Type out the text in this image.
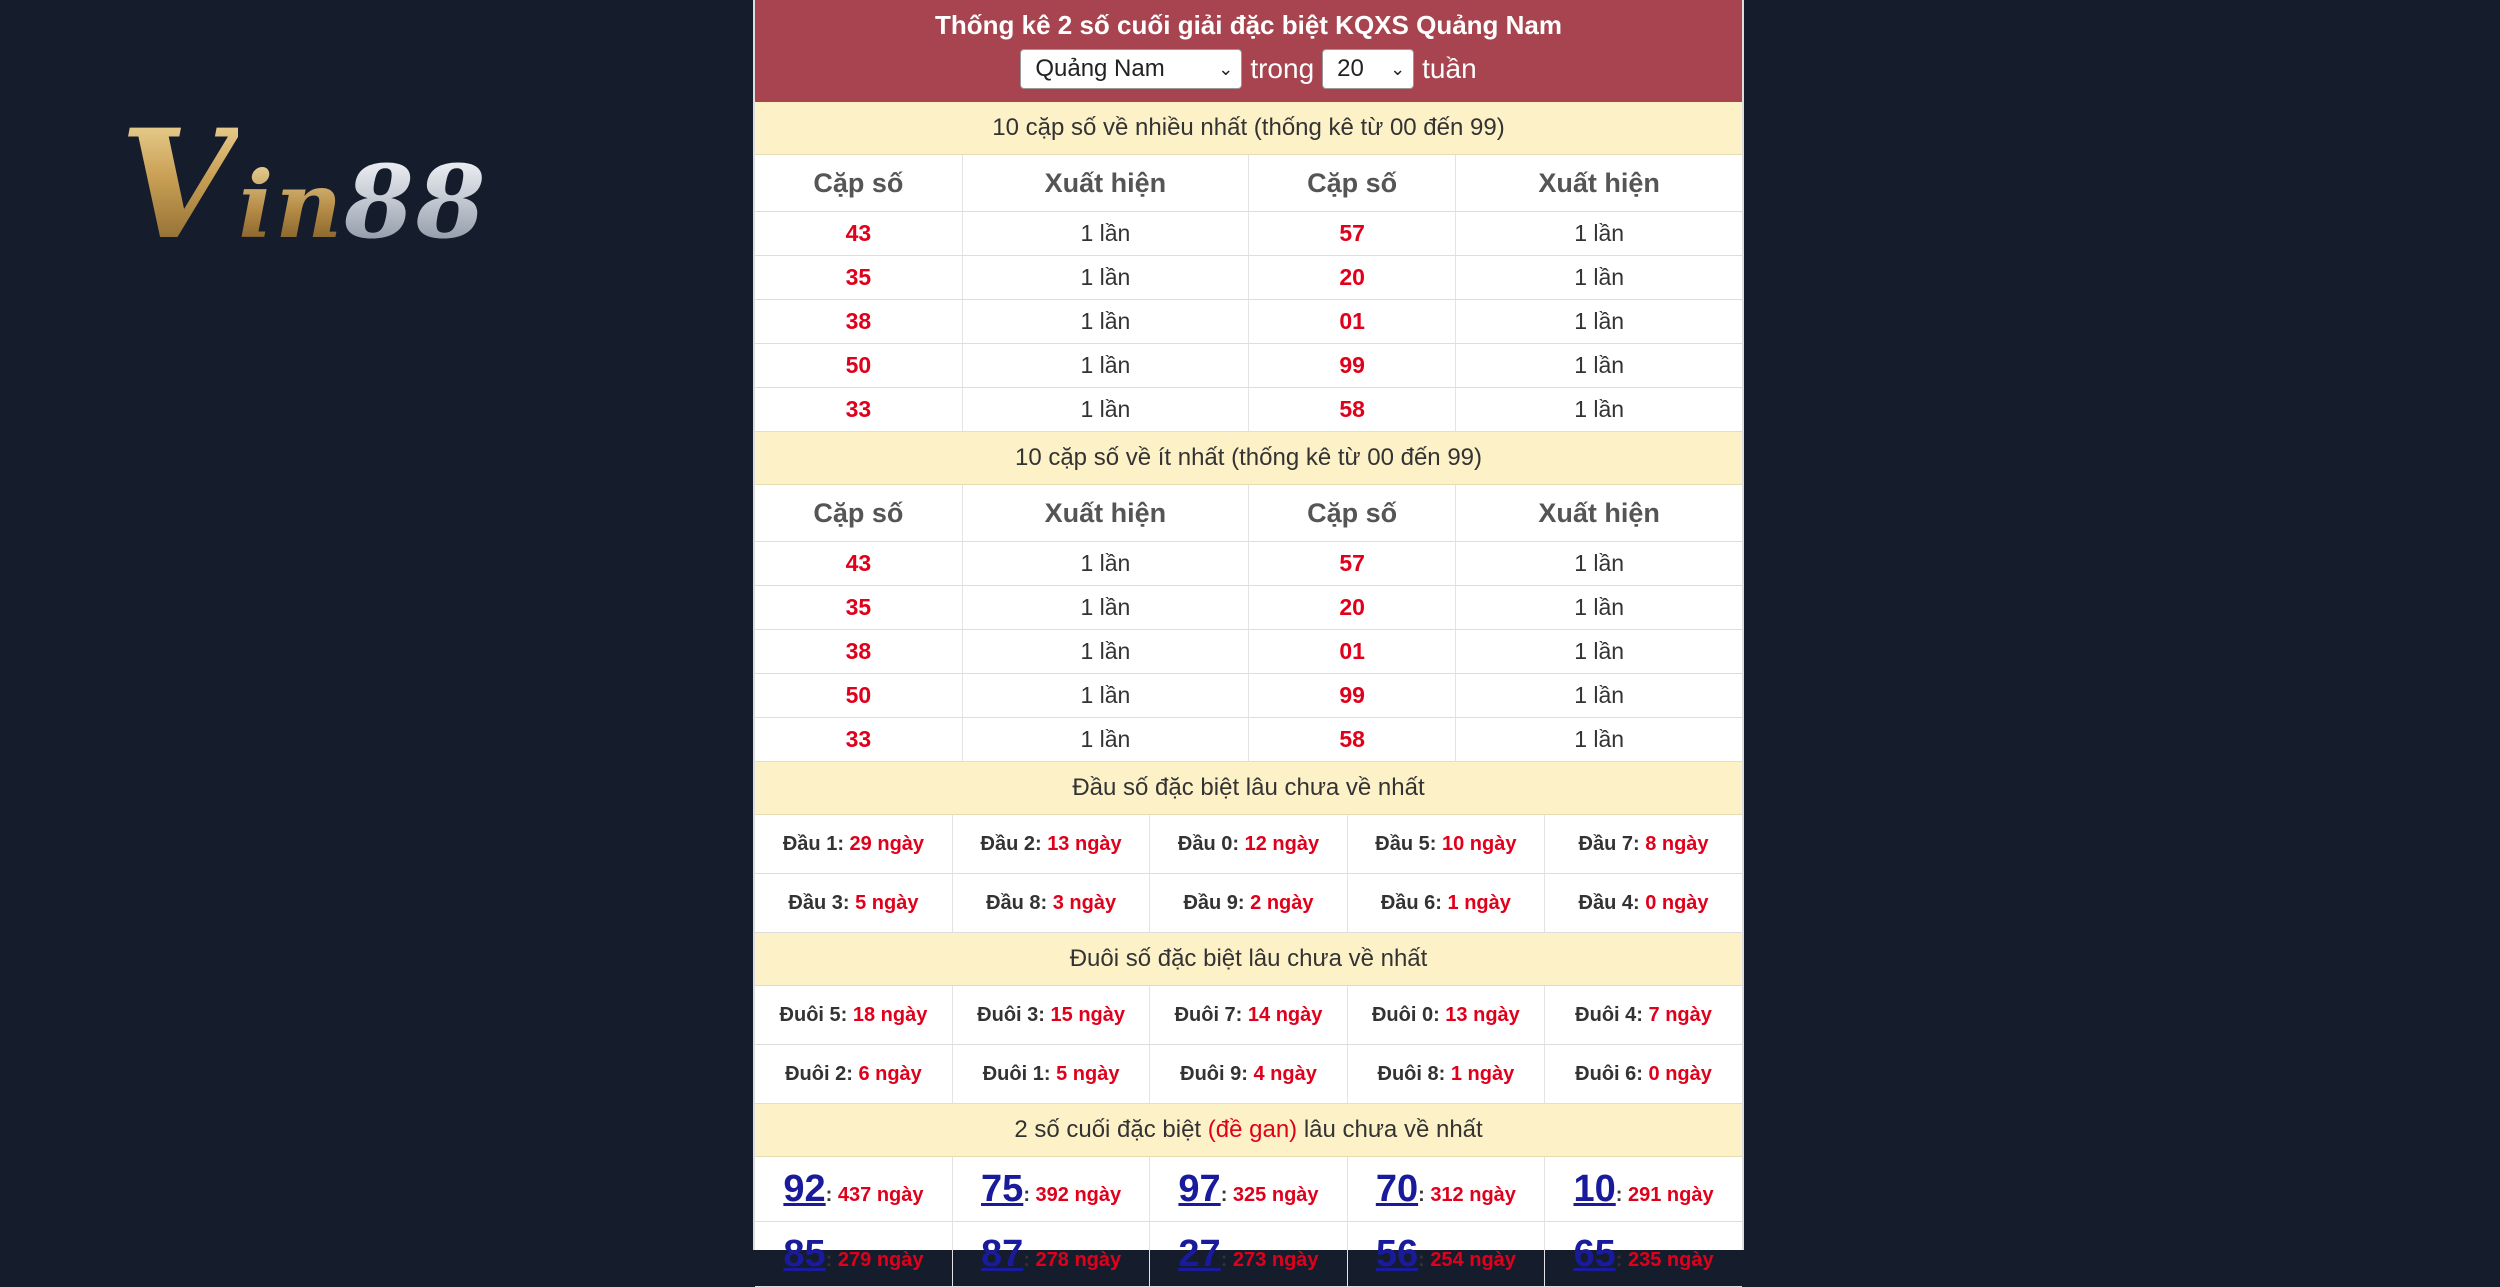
Vin88
Thống kê 2 số cuối giải đặc biệt KQXS Quảng Nam
Quảng Nam	⌄ trong 20 ⌄ tuần
10 cặp số về nhiều nhất (thống kê từ 00 đến 99)
Cặp số	Xuất hiện	Cặp số	Xuất hiện
43	1 lần	57	1 lần
35	1 lần	20	1 lần
38	1 lần	01	1 lần
50	1 lần	99	1 lần
33	1 lần	58	1 lần
10 cặp số về ít nhất (thống kê từ 00 đến 99)
Cặp số	Xuất hiện	Cặp số	Xuất hiện
43	1 lần	57	1 lần
35	1 lần	20	1 lần
38	1 lần	01	1 lần
50	1 lần	99	1 lần
33	1 lần	58	1 lần
Đầu số đặc biệt lâu chưa về nhất
Đầu 1: 29 ngày	Đầu 2: 13 ngày	Đầu 0: 12 ngày	Đầu 5: 10 ngày	Đầu 7: 8 ngày
Đầu 3: 5 ngày	Đầu 8: 3 ngày	Đầu 9: 2 ngày	Đầu 6: 1 ngày	Đầu 4: 0 ngày
Đuôi số đặc biệt lâu chưa về nhất
Đuôi 5: 18 ngày	Đuôi 3: 15 ngày	Đuôi 7: 14 ngày	Đuôi 0: 13 ngày	Đuôi 4: 7 ngày
Đuôi 2: 6 ngày	Đuôi 1: 5 ngày	Đuôi 9: 4 ngày	Đuôi 8: 1 ngày	Đuôi 6: 0 ngày
2 số cuối đặc biệt (đề gan) lâu chưa về nhất
92: 437 ngày	75: 392 ngày	97: 325 ngày	70: 312 ngày	10: 291 ngày
85: 279 ngày	87: 278 ngày	27: 273 ngày	56: 254 ngày	65: 235 ngày
